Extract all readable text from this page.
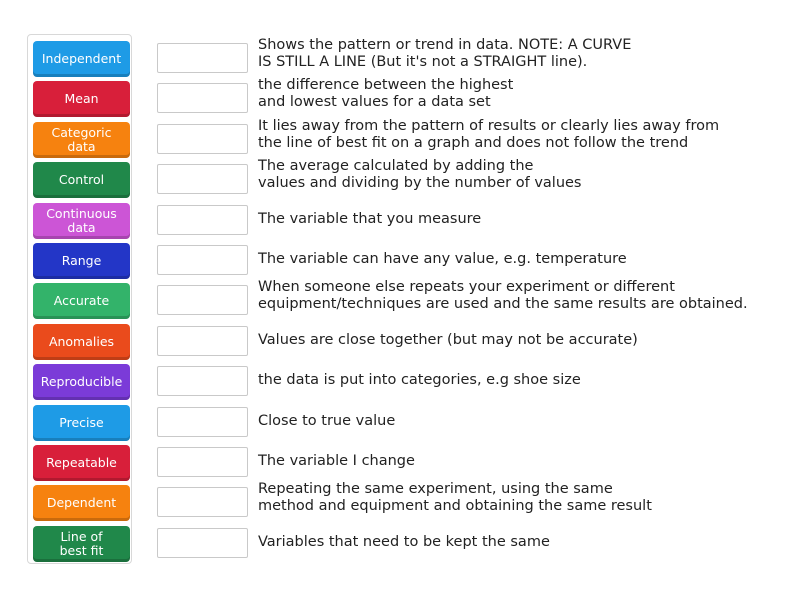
Independent
Mean
Categoric
data
Control
Continuous
data
Range
Accurate
Anomalies
Reproducible
Precise
Repeatable
Dependent
Line of
best fit
Shows the pattern or trend in data. NOTE: A CURVE
IS STILL A LINE (But it's not a STRAIGHT line).
the difference between the highest
and lowest values for a data set
It lies away from the pattern of results or clearly lies away from
the line of best fit on a graph and does not follow the trend
The average calculated by adding the
values and dividing by the number of values
The variable that you measure
The variable can have any value, e.g. temperature
When someone else repeats your experiment or different
equipment/techniques are used and the same results are obtained.
Values are close together (but may not be accurate)
the data is put into categories, e.g shoe size
Close to true value
The variable I change
Repeating the same experiment, using the same
method and equipment and obtaining the same result
Variables that need to be kept the same
